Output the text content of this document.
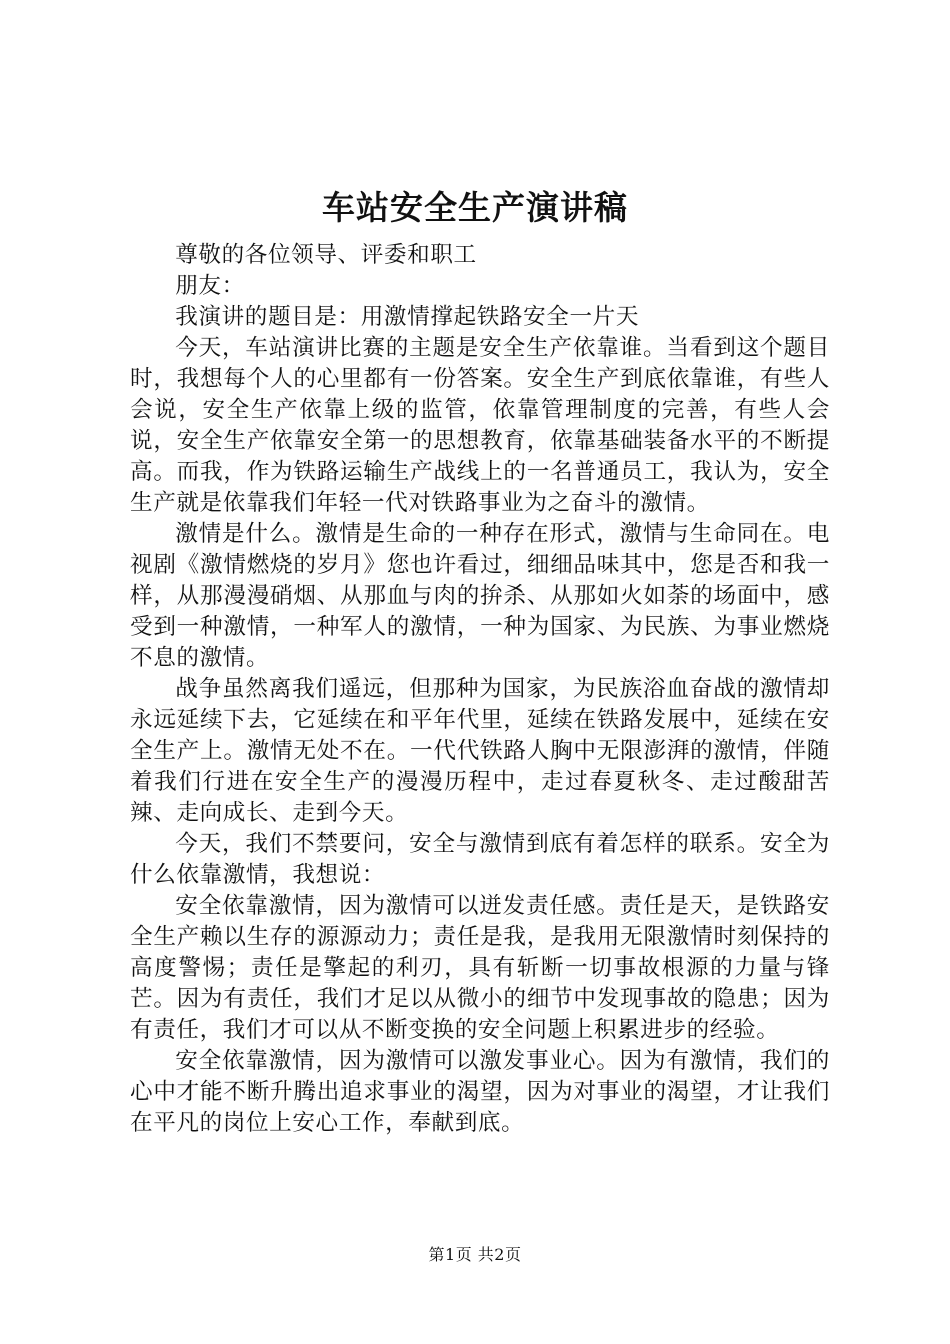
车站安全生产演讲稿

尊敬的各位领导、评委和职工

朋友：

我演讲的题目是：用激情撑起铁路安全一片天

今天，车站演讲比赛的主题是安全生产依靠谁。当看到这个题目时，我想每个人的心里都有一份答案。安全生产到底依靠谁，有些人会说，安全生产依靠上级的监管，依靠管理制度的完善，有些人会说，安全生产依靠安全第一的思想教育，依靠基础装备水平的不断提高。而我，作为铁路运输生产战线上的一名普通员工，我认为，安全生产就是依靠我们年轻一代对铁路事业为之奋斗的激情。

激情是什么。激情是生命的一种存在形式，激情与生命同在。电视剧《激情燃烧的岁月》您也许看过，细细品味其中，您是否和我一样，从那漫漫硝烟、从那血与肉的拚杀、从那如火如荼的场面中，感受到一种激情，一种军人的激情，一种为国家、为民族、为事业燃烧不息的激情。

战争虽然离我们遥远，但那种为国家，为民族浴血奋战的激情却永远延续下去，它延续在和平年代里，延续在铁路发展中，延续在安全生产上。激情无处不在。一代代铁路人胸中无限澎湃的激情，伴随着我们行进在安全生产的漫漫历程中，走过春夏秋冬、走过酸甜苦辣、走向成长、走到今天。

今天，我们不禁要问，安全与激情到底有着怎样的联系。安全为什么依靠激情，我想说：

安全依靠激情，因为激情可以迸发责任感。责任是天，是铁路安全生产赖以生存的源源动力；责任是我，是我用无限激情时刻保持的高度警惕；责任是擎起的利刃，具有斩断一切事故根源的力量与锋芒。因为有责任，我们才足以从微小的细节中发现事故的隐患；因为有责任，我们才可以从不断变换的安全问题上积累进步的经验。

安全依靠激情，因为激情可以激发事业心。因为有激情，我们的心中才能不断升腾出追求事业的渴望，因为对事业的渴望，才让我们在平凡的岗位上安心工作，奉献到底。

第1页 共2页
